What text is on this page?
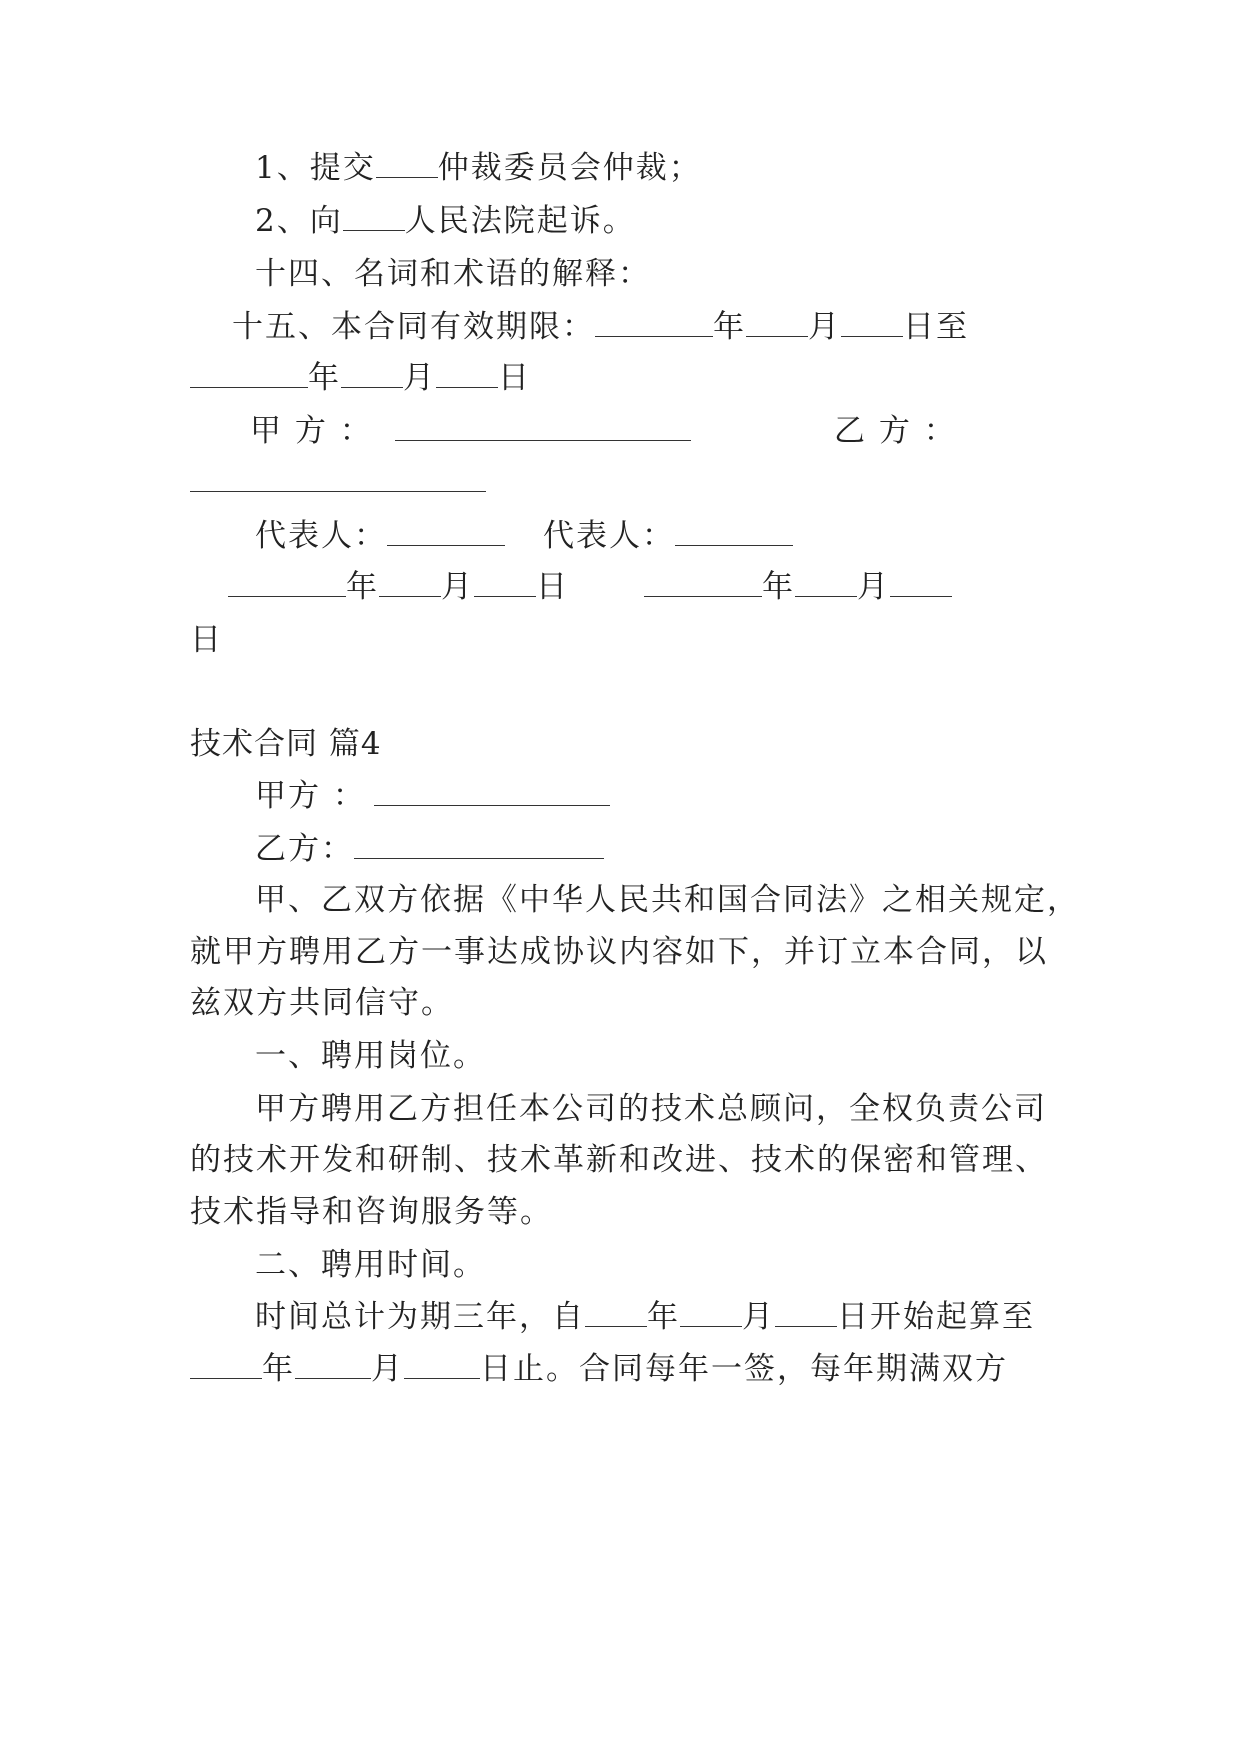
1、提交 仲裁委员会仲裁；
2、向 人民法院起诉。
十四、名词和术语的解释：
十五、本合同有效期限：	年 月 日至
年 月 日
甲 方 ：	乙 方 ：
代表人：	代表人：
年 月 日	年 月
日
技术合同 篇4
甲方 ：
乙方：
甲、乙双方依据《中华人民共和国合同法》之相关规定，
就甲方聘用乙方一事达成协议内容如下，并订立本合同，以
兹双方共同信守。
一、聘用岗位。
甲方聘用乙方担任本公司的技术总顾问，全权负责公司
的技术开发和研制、技术革新和改进、技术的保密和管理、
技术指导和咨询服务等。
二、聘用时间。
时间总计为期三年，自 年 月 日开始起算至
年 月 日止。合同每年一签，每年期满双方
